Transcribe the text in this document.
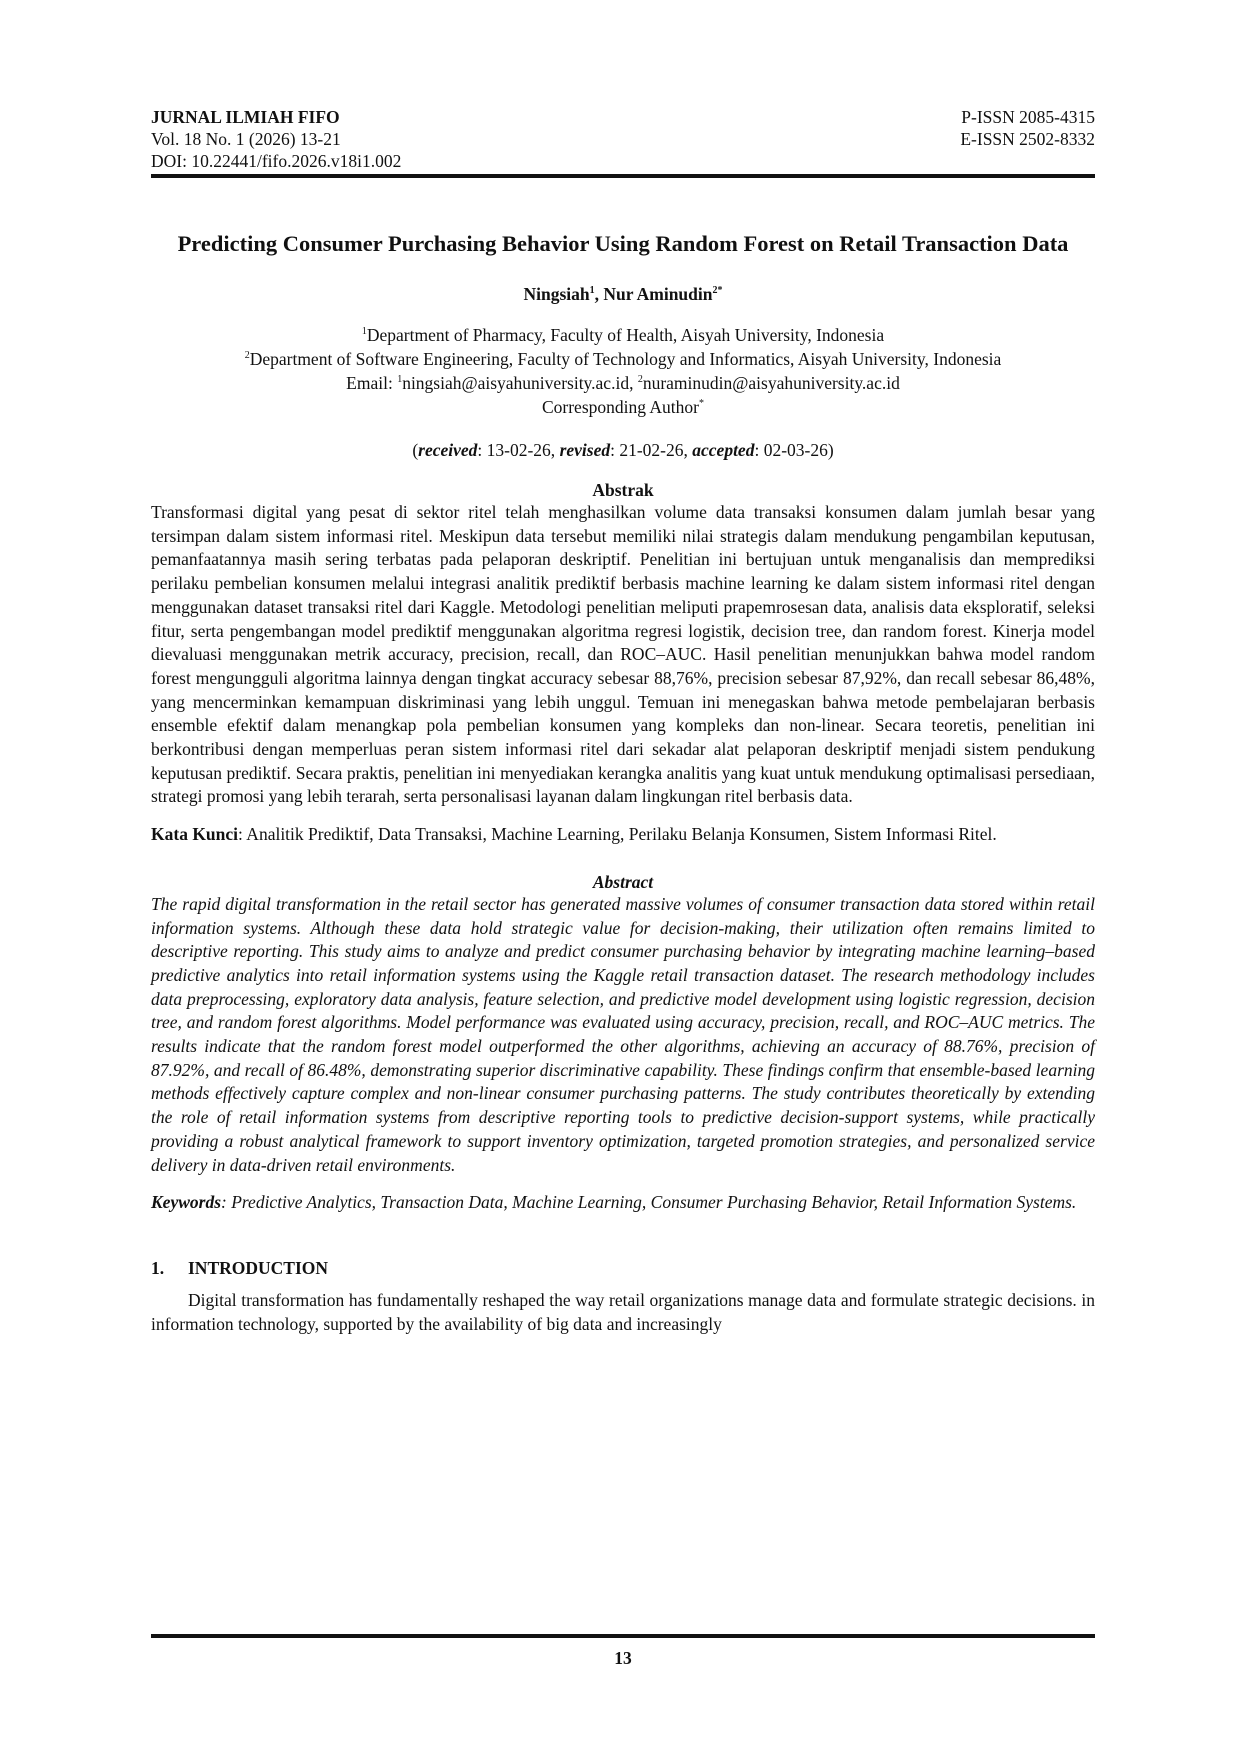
JURNAL ILMIAH FIFO
Vol. 18 No. 1 (2026) 13-21
DOI: 10.22441/fifo.2026.v18i1.002
P-ISSN 2085-4315
E-ISSN 2502-8332
Predicting Consumer Purchasing Behavior Using Random Forest on Retail Transaction Data
Ningsiah$^1$, Nur Aminudin$^{2*}$
$^1$Department of Pharmacy, Faculty of Health, Aisyah University, Indonesia
$^2$Department of Software Engineering, Faculty of Technology and Informatics, Aisyah University, Indonesia
Email: $^1$ningsiah@aisyahuniversity.ac.id, $^2$nuraminudin@aisyahuniversity.ac.id
Corresponding Author*
(received: 13-02-26, revised: 21-02-26, accepted: 02-03-26)
Abstrak
Transformasi digital yang pesat di sektor ritel telah menghasilkan volume data transaksi konsumen dalam jumlah besar yang tersimpan dalam sistem informasi ritel. Meskipun data tersebut memiliki nilai strategis dalam mendukung pengambilan keputusan, pemanfaatannya masih sering terbatas pada pelaporan deskriptif. Penelitian ini bertujuan untuk menganalisis dan memprediksi perilaku pembelian konsumen melalui integrasi analitik prediktif berbasis machine learning ke dalam sistem informasi ritel dengan menggunakan dataset transaksi ritel dari Kaggle. Metodologi penelitian meliputi prapemrosesan data, analisis data eksploratif, seleksi fitur, serta pengembangan model prediktif menggunakan algoritma regresi logistik, decision tree, dan random forest. Kinerja model dievaluasi menggunakan metrik accuracy, precision, recall, dan ROC–AUC. Hasil penelitian menunjukkan bahwa model random forest mengungguli algoritma lainnya dengan tingkat accuracy sebesar 88,76%, precision sebesar 87,92%, dan recall sebesar 86,48%, yang mencerminkan kemampuan diskriminasi yang lebih unggul. Temuan ini menegaskan bahwa metode pembelajaran berbasis ensemble efektif dalam menangkap pola pembelian konsumen yang kompleks dan non-linear. Secara teoretis, penelitian ini berkontribusi dengan memperluas peran sistem informasi ritel dari sekadar alat pelaporan deskriptif menjadi sistem pendukung keputusan prediktif. Secara praktis, penelitian ini menyediakan kerangka analitis yang kuat untuk mendukung optimalisasi persediaan, strategi promosi yang lebih terarah, serta personalisasi layanan dalam lingkungan ritel berbasis data.
Kata Kunci: Analitik Prediktif, Data Transaksi, Machine Learning, Perilaku Belanja Konsumen, Sistem Informasi Ritel.
Abstract
The rapid digital transformation in the retail sector has generated massive volumes of consumer transaction data stored within retail information systems. Although these data hold strategic value for decision-making, their utilization often remains limited to descriptive reporting. This study aims to analyze and predict consumer purchasing behavior by integrating machine learning–based predictive analytics into retail information systems using the Kaggle retail transaction dataset. The research methodology includes data preprocessing, exploratory data analysis, feature selection, and predictive model development using logistic regression, decision tree, and random forest algorithms. Model performance was evaluated using accuracy, precision, recall, and ROC–AUC metrics. The results indicate that the random forest model outperformed the other algorithms, achieving an accuracy of 88.76%, precision of 87.92%, and recall of 86.48%, demonstrating superior discriminative capability. These findings confirm that ensemble-based learning methods effectively capture complex and non-linear consumer purchasing patterns. The study contributes theoretically by extending the role of retail information systems from descriptive reporting tools to predictive decision-support systems, while practically providing a robust analytical framework to support inventory optimization, targeted promotion strategies, and personalized service delivery in data-driven retail environments.
Keywords: Predictive Analytics, Transaction Data, Machine Learning, Consumer Purchasing Behavior, Retail Information Systems.
1.	INTRODUCTION
Digital transformation has fundamentally reshaped the way retail organizations manage data and formulate strategic decisions. in information technology, supported by the availability of big data and increasingly
13
